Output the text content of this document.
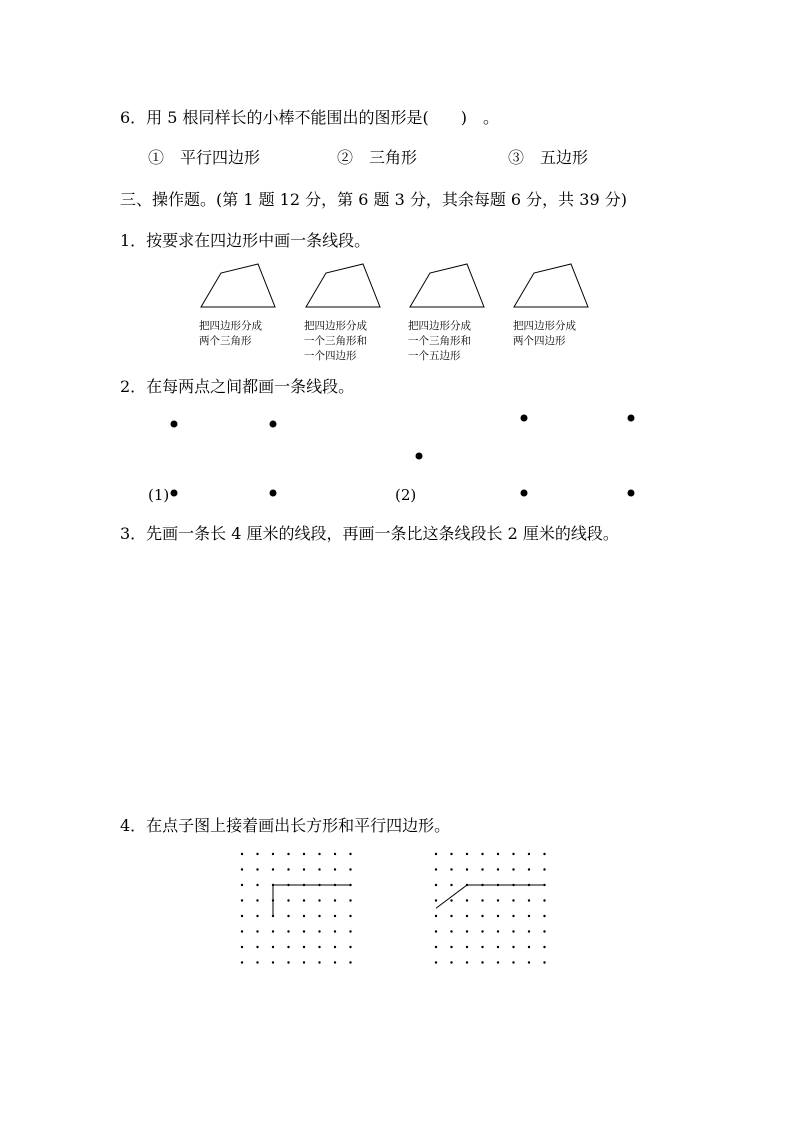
6．用 5 根同样长的小棒不能围出的图形是(　　)　。
①　平行四边形	②　三角形	③　五边形
三、操作题。(第 1 题 12 分，第 6 题 3 分，其余每题 6 分，共 39 分)
1．按要求在四边形中画一条线段。
把四边形分成
两个三角形
把四边形分成
一个三角形和
一个四边形
把四边形分成
一个三角形和
一个五边形
把四边形分成
两个四边形
2．在每两点之间都画一条线段。
(1)	(2)
3．先画一条长 4 厘米的线段，再画一条比这条线段长 2 厘米的线段。
4．在点子图上接着画出长方形和平行四边形。
